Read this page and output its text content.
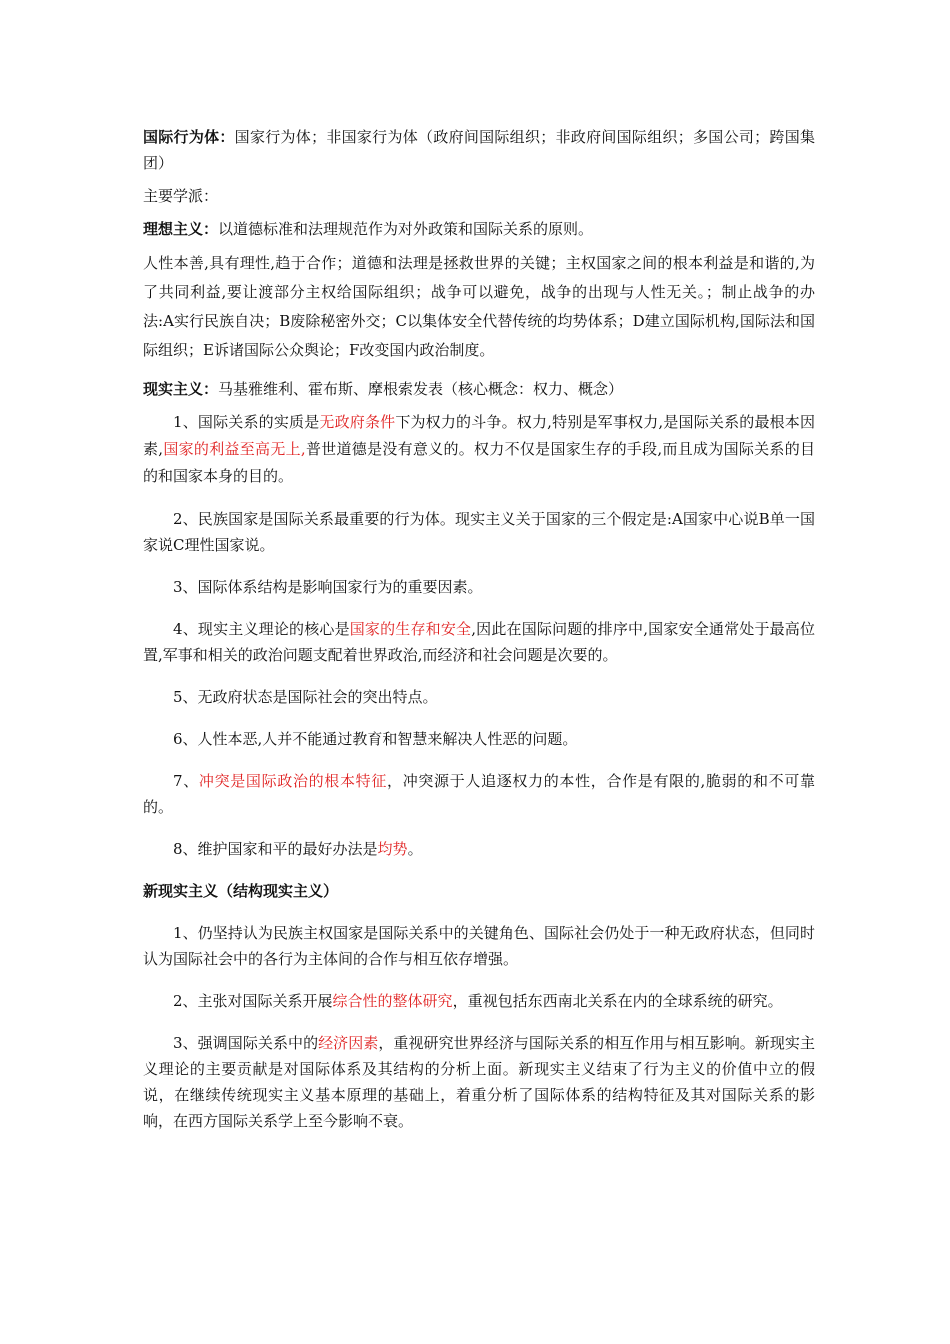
国际行为体：国家行为体；非国家行为体（政府间国际组织；非政府间国际组织；多国公司；跨国集团）

主要学派：

理想主义：以道德标准和法理规范作为对外政策和国际关系的原则。

人性本善,具有理性,趋于合作；道德和法理是拯救世界的关键；主权国家之间的根本利益是和谐的,为了共同利益,要让渡部分主权给国际组织；战争可以避免，战争的出现与人性无关。；制止战争的办法:A实行民族自决；B废除秘密外交；C以集体安全代替传统的均势体系；D建立国际机构,国际法和国际组织；E诉诸国际公众舆论；F改变国内政治制度。

现实主义：马基雅维利、霍布斯、摩根索发表（核心概念：权力、概念）

1、国际关系的实质是无政府条件下为权力的斗争。权力,特别是军事权力,是国际关系的最根本因素,国家的利益至高无上,普世道德是没有意义的。权力不仅是国家生存的手段,而且成为国际关系的目的和国家本身的目的。

2、民族国家是国际关系最重要的行为体。现实主义关于国家的三个假定是:A国家中心说B单一国家说C理性国家说。

3、国际体系结构是影响国家行为的重要因素。

4、现实主义理论的核心是国家的生存和安全,因此在国际问题的排序中,国家安全通常处于最高位置,军事和相关的政治问题支配着世界政治,而经济和社会问题是次要的。

5、无政府状态是国际社会的突出特点。

6、人性本恶,人并不能通过教育和智慧来解决人性恶的问题。

7、冲突是国际政治的根本特征，冲突源于人追逐权力的本性，合作是有限的,脆弱的和不可靠的。

8、维护国家和平的最好办法是均势。

新现实主义（结构现实主义）

1、仍坚持认为民族主权国家是国际关系中的关键角色、国际社会仍处于一种无政府状态，但同时认为国际社会中的各行为主体间的合作与相互依存增强。

2、主张对国际关系开展综合性的整体研究，重视包括东西南北关系在内的全球系统的研究。

3、强调国际关系中的经济因素，重视研究世界经济与国际关系的相互作用与相互影响。新现实主义理论的主要贡献是对国际体系及其结构的分析上面。新现实主义结束了行为主义的价值中立的假说，在继续传统现实主义基本原理的基础上，着重分析了国际体系的结构特征及其对国际关系的影响，在西方国际关系学上至今影响不衰。
